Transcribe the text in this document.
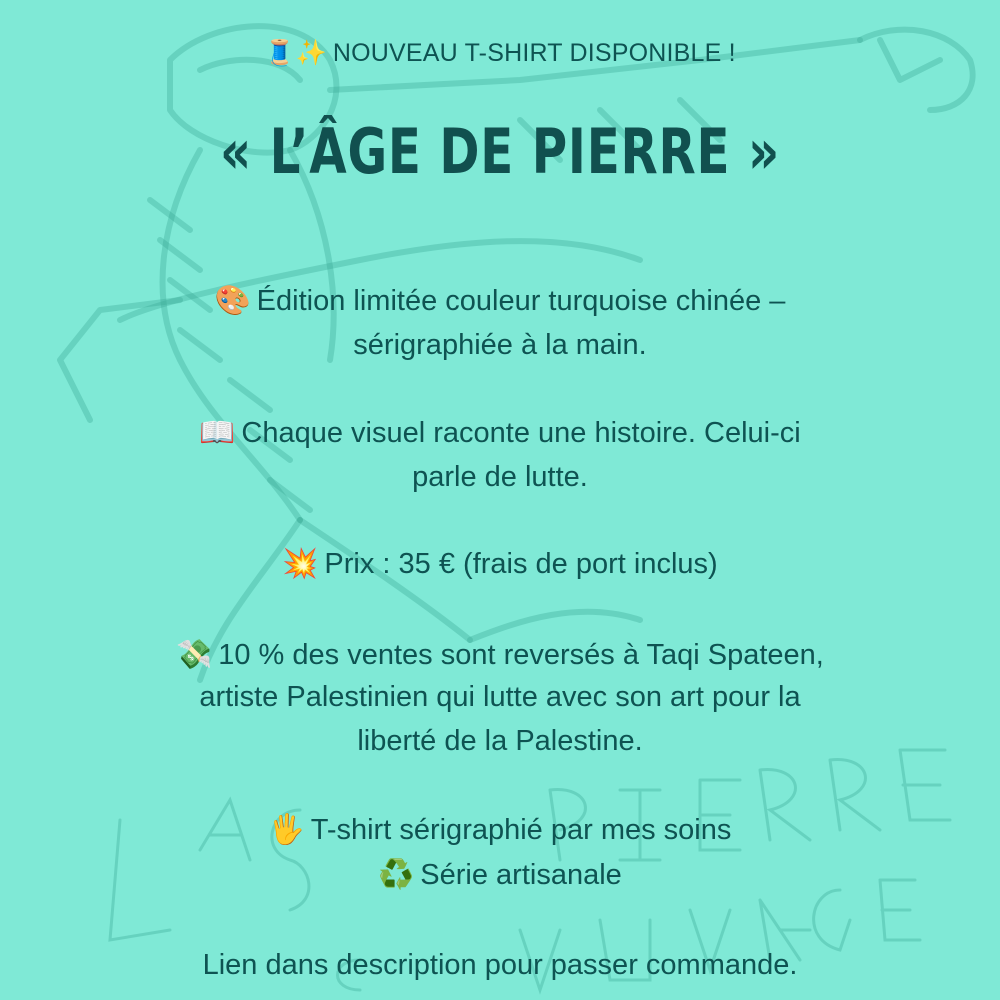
🧵✨ NOUVEAU T-SHIRT DISPONIBLE !
« L’ÂGE DE PIERRE »
🎨 Édition limitée couleur turquoise chinée –
sérigraphiée à la main.
📖 Chaque visuel raconte une histoire. Celui-ci
parle de lutte.
💥 Prix : 35 € (frais de port inclus)
💸 10 % des ventes sont reversés à Taqi Spateen,
artiste Palestinien qui lutte avec son art pour la
liberté de la Palestine.
🖐 T-shirt sérigraphié par mes soins
♻️ Série artisanale
Lien dans description pour passer commande.
